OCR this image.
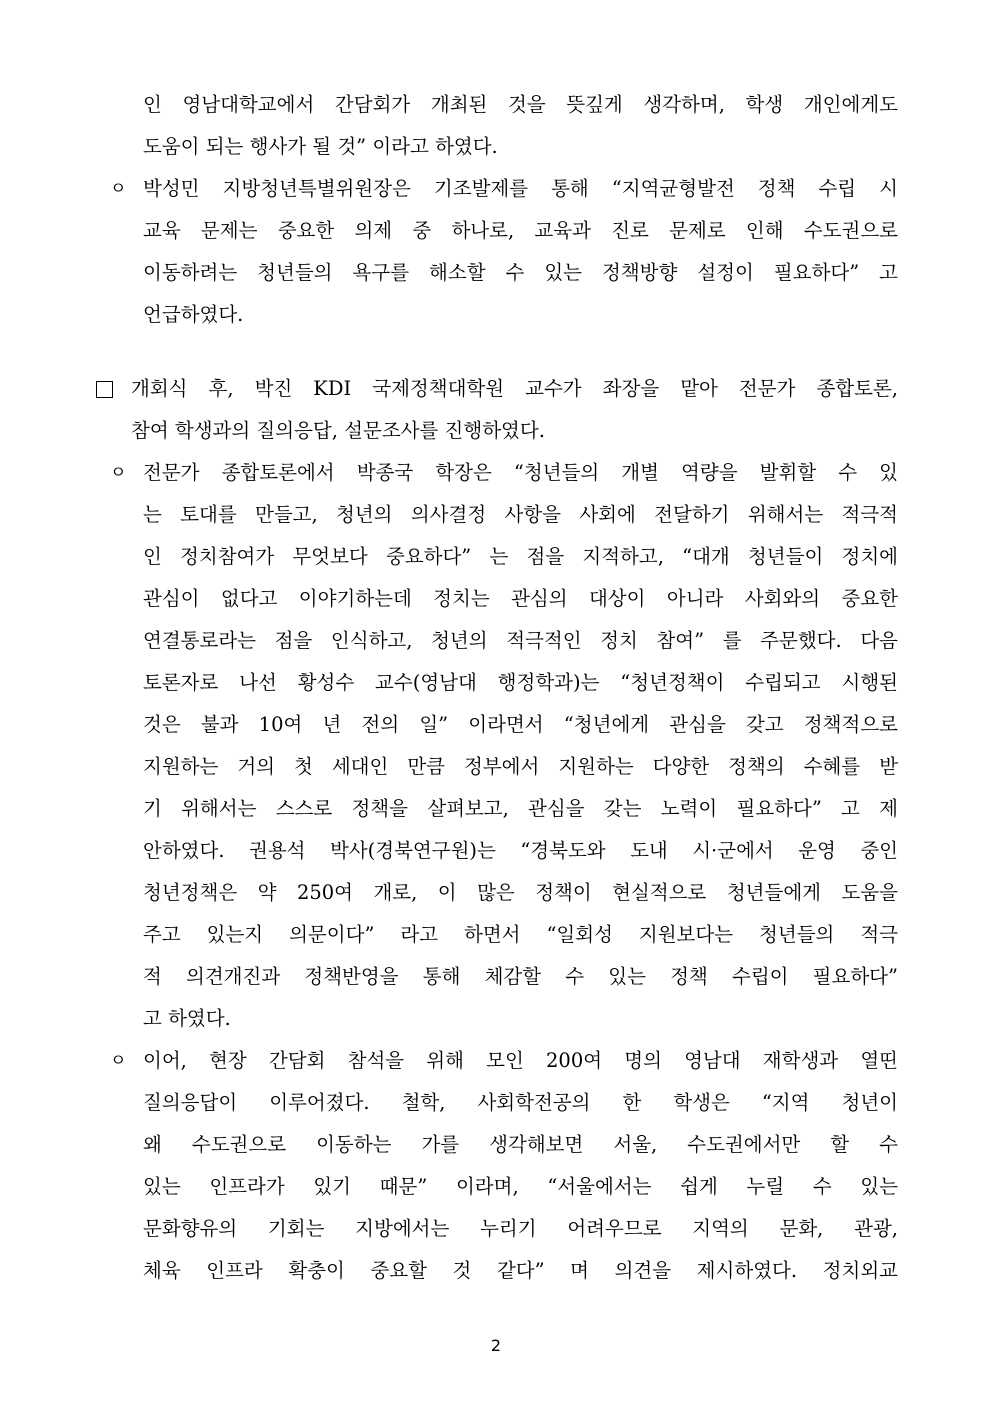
인 영남대학교에서 간담회가 개최된 것을 뜻깊게 생각하며, 학생 개인에게도
도움이 되는 행사가 될 것” 이라고 하였다.
ㅇ 박성민 지방청년특별위원장은 기조발제를 통해 “지역균형발전 정책 수립 시
교육 문제는 중요한 의제 중 하나로, 교육과 진로 문제로 인해 수도권으로
이동하려는 청년들의 욕구를 해소할 수 있는 정책방향 설정이 필요하다” 고
언급하였다.
개회식 후, 박진 KDI 국제정책대학원 교수가 좌장을 맡아 전문가 종합토론,
참여 학생과의 질의응답, 설문조사를 진행하였다.
ㅇ 전문가 종합토론에서 박종국 학장은 “청년들의 개별 역량을 발휘할 수 있
는 토대를 만들고, 청년의 의사결정 사항을 사회에 전달하기 위해서는 적극적
인 정치참여가 무엇보다 중요하다” 는 점을 지적하고, “대개 청년들이 정치에
관심이 없다고 이야기하는데 정치는 관심의 대상이 아니라 사회와의 중요한
연결통로라는 점을 인식하고, 청년의 적극적인 정치 참여” 를 주문했다. 다음
토론자로 나선 황성수 교수(영남대 행정학과)는 “청년정책이 수립되고 시행된
것은 불과 10여 년 전의 일” 이라면서 “청년에게 관심을 갖고 정책적으로
지원하는 거의 첫 세대인 만큼 정부에서 지원하는 다양한 정책의 수혜를 받
기 위해서는 스스로 정책을 살펴보고, 관심을 갖는 노력이 필요하다” 고 제
안하였다. 권용석 박사(경북연구원)는 “경북도와 도내 시·군에서 운영 중인
청년정책은 약 250여 개로, 이 많은 정책이 현실적으로 청년들에게 도움을
주고 있는지 의문이다” 라고 하면서 “일회성 지원보다는 청년들의 적극
적 의견개진과 정책반영을 통해 체감할 수 있는 정책 수립이 필요하다”
고 하였다.
ㅇ 이어, 현장 간담회 참석을 위해 모인 200여 명의 영남대 재학생과 열띤
질의응답이 이루어졌다. 철학, 사회학전공의 한 학생은 “지역 청년이
왜 수도권으로 이동하는 가를 생각해보면 서울, 수도권에서만 할 수
있는 인프라가 있기 때문” 이라며, “서울에서는 쉽게 누릴 수 있는
문화향유의 기회는 지방에서는 누리기 어려우므로 지역의 문화, 관광,
체육 인프라 확충이 중요할 것 같다” 며 의견을 제시하였다. 정치외교
2
